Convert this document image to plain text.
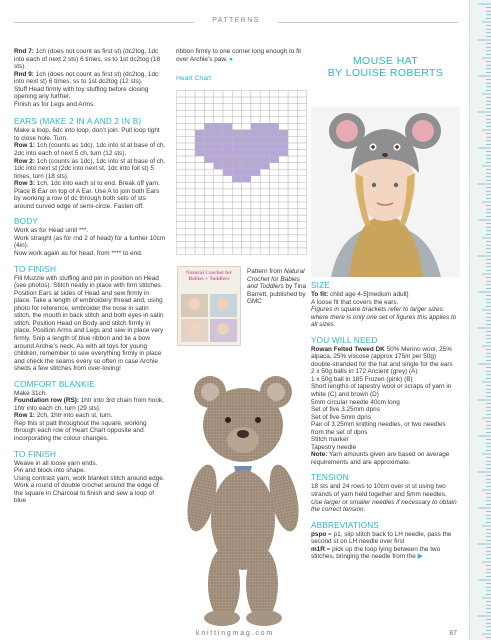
PATTERNS

Rnd 7: 1ch (does not count as first st) (dc2tog, 1dc into each of next 2 sts) 6 times, ss to 1st dc2tog (18 sts).

Rnd 9: 1ch (does not count as first st) (dc2tog, 1dc into next st) 6 times, ss to 1st dc2tog (12 sts).

Stuff Head firmly with toy stuffing before closing opening any further.

Finish as for Legs and Arms.

EARS (MAKE 2 IN A AND 2 IN B)

Make a loop, 6dc into loop, don’t join. Pull loop tight to close hole. Turn.

Row 1: 1ch (counts as 1dc), 1dc into st at base of ch, 2dc into each of next 5 ch, turn (12 sts).

Row 2: 1ch (counts as 1dc), 1dc into st at base of ch, 1dc into next st (2dc into next st, 1dc into foll st) 5 times, turn (18 sts).

Row 3: 1ch, 1dc into each st to end. Break off yarn.

Place B Ear on top of A Ear. Use A to join both Ears by working a row of dc through both sets of sts around curved edge of semi-circle. Fasten off.

BODY

Work as for Head until ***.
Work straight (as for rnd 2 of head) for a further 10cm (4in).
Now work again as for head, from **** to end.

TO FINISH

Fill Muzzle with stuffing and pin in position on Head (see photos). Stitch neatly in place with firm stitches. Position Ears at sides of Head and sew firmly in place. Take a length of embroidery thread and, using photo for reference, embroider the nose in satin stitch, the mouth in back stitch and both eyes in satin stitch. Position Head on Body and stitch firmly in place. Position Arms and Legs and sew in place very firmly. Snip a length of blue ribbon and tie a bow around Archie’s neck. As with all toys for young children, remember to sew everything firmly in place and check the seams every so often in case Archie sheds a few stitches from over-loving!

COMFORT BLANKIE

Make 31ch.

Foundation row (RS): 1htr into 3rd chain from hook, 1htr into each ch, turn (29 sts).

Row 1: 2ch, 1htr into each st, turn.

Rep this st patt throughout the square, working through each row of Heart Chart opposite and incorporating the colour changes.

TO FINISH

Weave in all loose yarn ends.
Pin and block into shape.
Using contrast yarn, work blanket stitch around edge. Work a round of double crochet around the edge of the square in Charcoal to finish and sew a loop of blue

ribbon firmly to one corner long enough to fit over Archie’s paw. ●
Heart Chart
Natural Crochet for Babies + Toddlers
Pattern from Natural Crochet for Babies and Toddlers by Tina Barrett, published by GMC
MOUSE HAT
BY LOUISE ROBERTS
SIZE

To fit: child age 4-5[medium adult]

A loose fit that covers the ears.

Figures in square brackets refer to larger sizes: where there is only one set of figures this applies to all sizes.

YOU WILL NEED

Rowan Felted Tweed DK 50% Merino wool, 25% alpaca, 25% viscose (approx 175m per 50g) double-stranded for the hat and single for the ears

2 x 50g balls in 172 Ancient (grey) (A)

1 x 50g ball in 185 Frozen (pink) (B)

Short lengths of tapestry wool or scraps of yarn in white (C) and brown (D)

5mm circular needle 40cm long

Set of five 3.25mm dpns

Set of five 5mm dpns

Pair of 3.25mm knitting needles, or two needles from the set of dpns

Stitch marker

Tapestry needle

Note: Yarn amounts given are based on average requirements and are approximate.

TENSION

18 sts and 24 rows to 10cm over st st using two strands of yarn held together and 5mm needles.

Use larger or smaller needles if necessary to obtain the correct tension.

ABBREVIATIONS

pspo = p1, slip stitch back to LH needle, pass the second st on LH needle over first

m1R = pick up the loop lying between the two stitches, bringing the needle from the ▶

knittingmag.com	87
